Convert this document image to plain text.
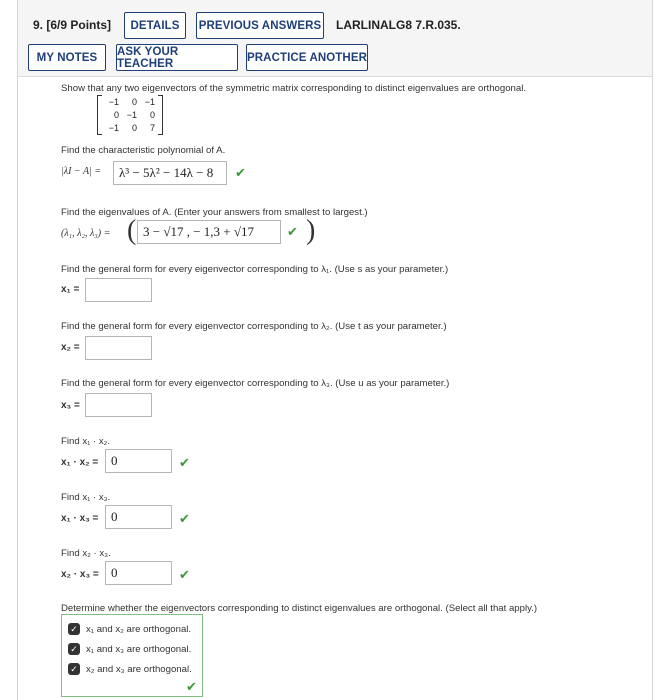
9. [6/9 Points]	DETAILS	PREVIOUS ANSWERS LARLINALG8 7.R.035.
MY NOTES	ASK YOUR TEACHER	PRACTICE ANOTHER
Show that any two eigenvectors of the symmetric matrix corresponding to distinct eigenvalues are orthogonal.
−1	0 −1
0 −1	0
−1	0	7
Find the characteristic polynomial of A.
|λI − A| = λ³ − 5λ² − 14λ − 8 ✔
Find the eigenvalues of A. (Enter your answers from smallest to largest.)
(λ₁, λ₂, λ₃) = ( 3 − √17 , − 1,3 + √17	✔ )
Find the general form for every eigenvector corresponding to λ₁. (Use s as your parameter.)
x₁ =
Find the general form for every eigenvector corresponding to λ₂. (Use t as your parameter.)
x₂ =
Find the general form for every eigenvector corresponding to λ₃. (Use u as your parameter.)
x₃ =
Find x₁ · x₂.
x₁ · x₂ = 0	✔
Find x₁ · x₃.
x₁ · x₃ = 0	✔
Find x₂ · x₃.
x₂ · x₃ = 0	✔
Determine whether the eigenvectors corresponding to distinct eigenvalues are orthogonal. (Select all that apply.)
✓ x₁ and x₂ are orthogonal.
✓ x₁ and x₃ are orthogonal.
✓ x₂ and x₃ are orthogonal.
✔
